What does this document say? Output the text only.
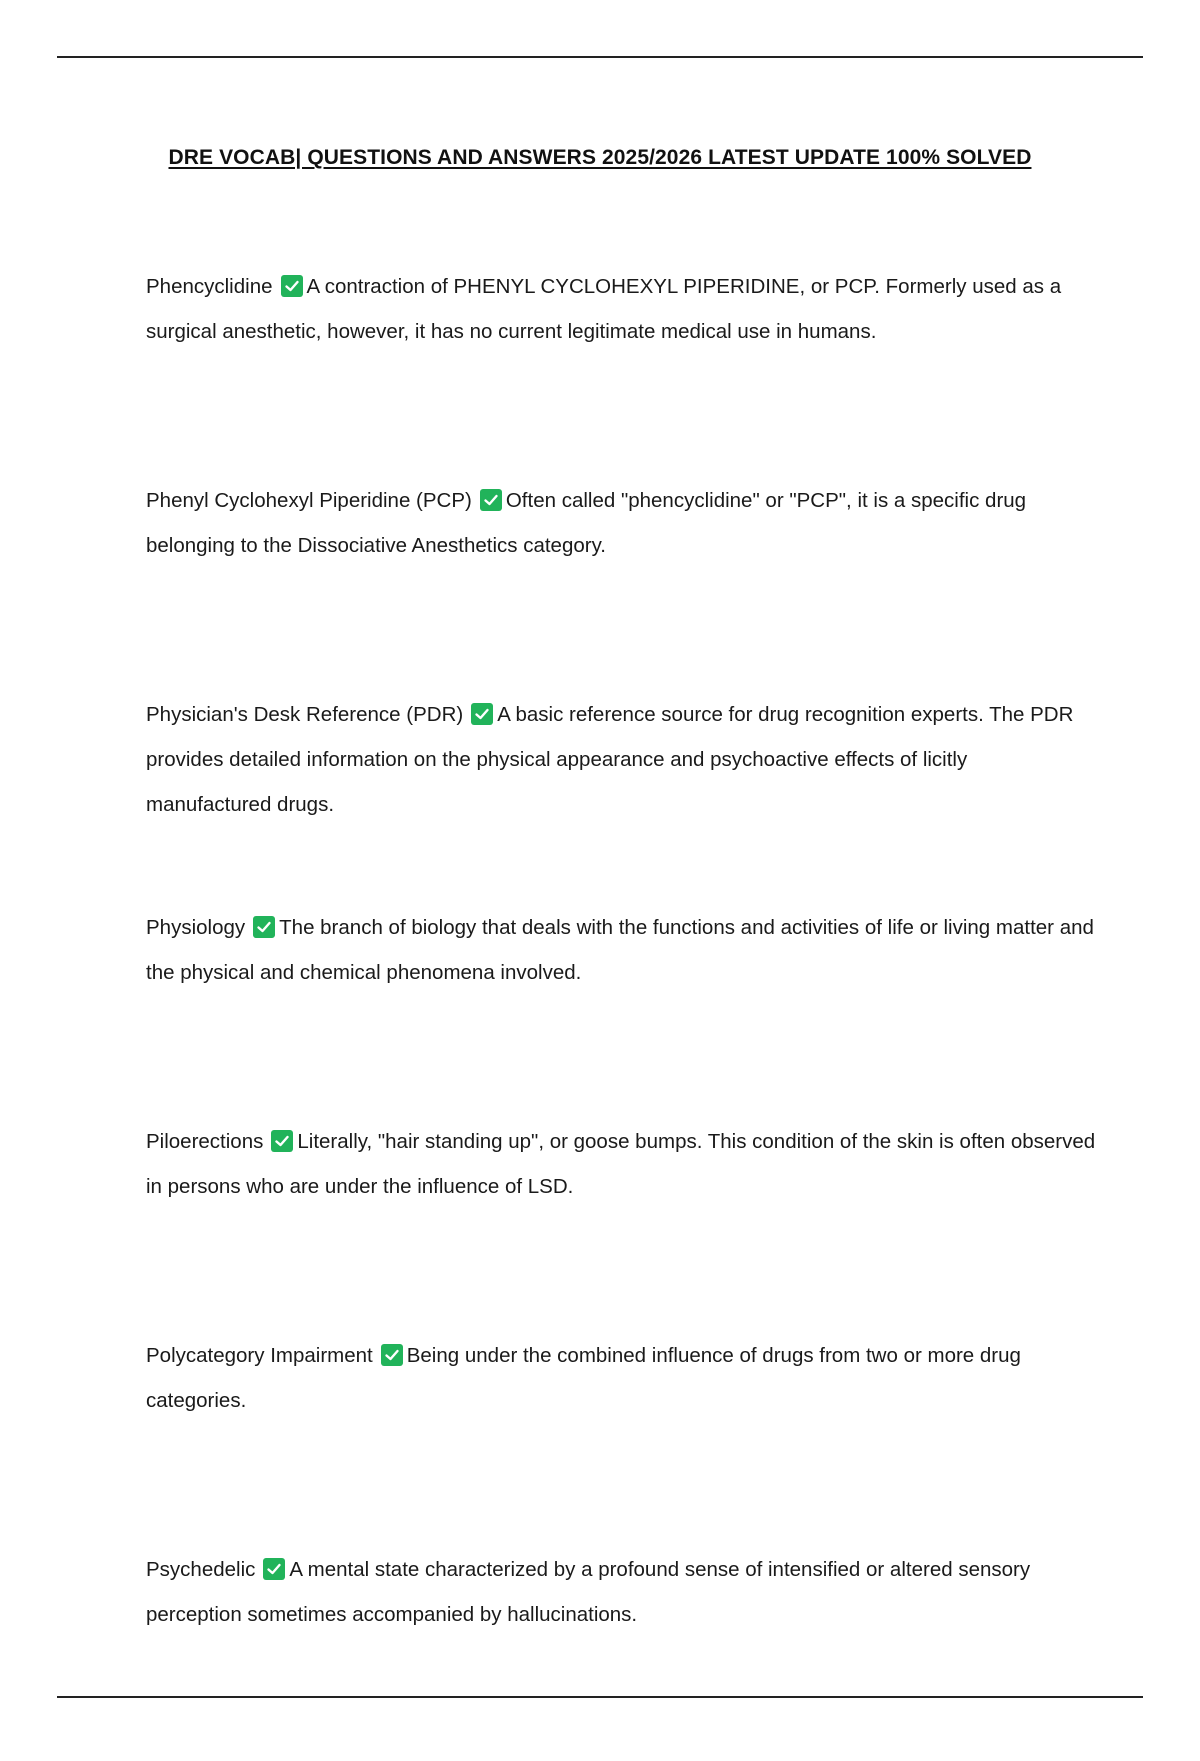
DRE VOCAB| QUESTIONS AND ANSWERS 2025/2026 LATEST UPDATE 100% SOLVED

Phencyclidine A contraction of PHENYL CYCLOHEXYL PIPERIDINE, or PCP. Formerly used as a surgical anesthetic, however, it has no current legitimate medical use in humans.

Phenyl Cyclohexyl Piperidine (PCP) Often called "phencyclidine" or "PCP", it is a specific drug belonging to the Dissociative Anesthetics category.

Physician's Desk Reference (PDR) A basic reference source for drug recognition experts. The PDR provides detailed information on the physical appearance and psychoactive effects of licitly manufactured drugs.

Physiology The branch of biology that deals with the functions and activities of life or living matter and the physical and chemical phenomena involved.

Piloerections Literally, "hair standing up", or goose bumps. This condition of the skin is often observed in persons who are under the influence of LSD.

Polycategory Impairment Being under the combined influence of drugs from two or more drug categories.

Psychedelic A mental state characterized by a profound sense of intensified or altered sensory perception sometimes accompanied by hallucinations.
